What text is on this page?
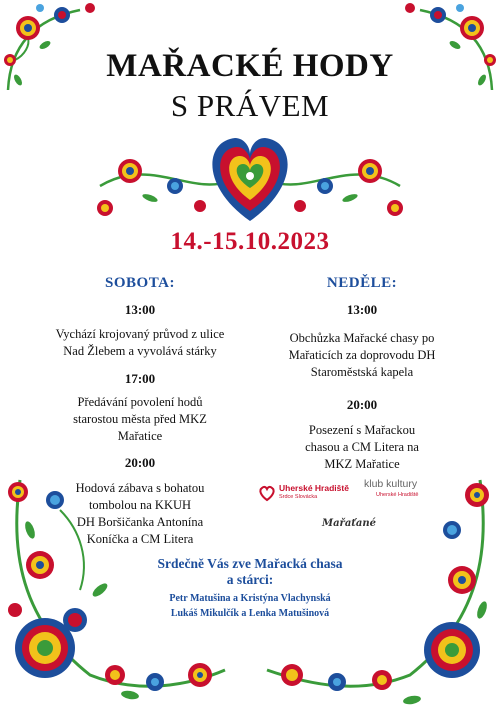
MAŘACKÉ HODY
S PRÁVEM
14.-15.10.2023
SOBOTA:
13:00
Vychází krojovaný průvod z ulice
Nad Žlebem a vyvolává stárky
17:00
Předávání povolení hodů
starostou města před MKZ
Mařatice
20:00
Hodová zábava s bohatou
tombolou na KKUH
DH Boršičanka Antonína
Koníčka a CM Litera
NEDĚLE:
13:00
Obchůzka Mařacké chasy po
Mařaticích za doprovodu DH
Staroměstská kapela
20:00
Posezení s Mařackou
chasou a CM Litera na
MKZ Mařatice
Uherské Hradiště
Srdce Slovácka
klub kultury
Uherské Hradiště
Mařaťané
Srdečně Vás zve Mařacká chasa
a stárci:
Petr Matušina a Kristýna Vlachynská
Lukáš Mikulčík a Lenka Matušinová
